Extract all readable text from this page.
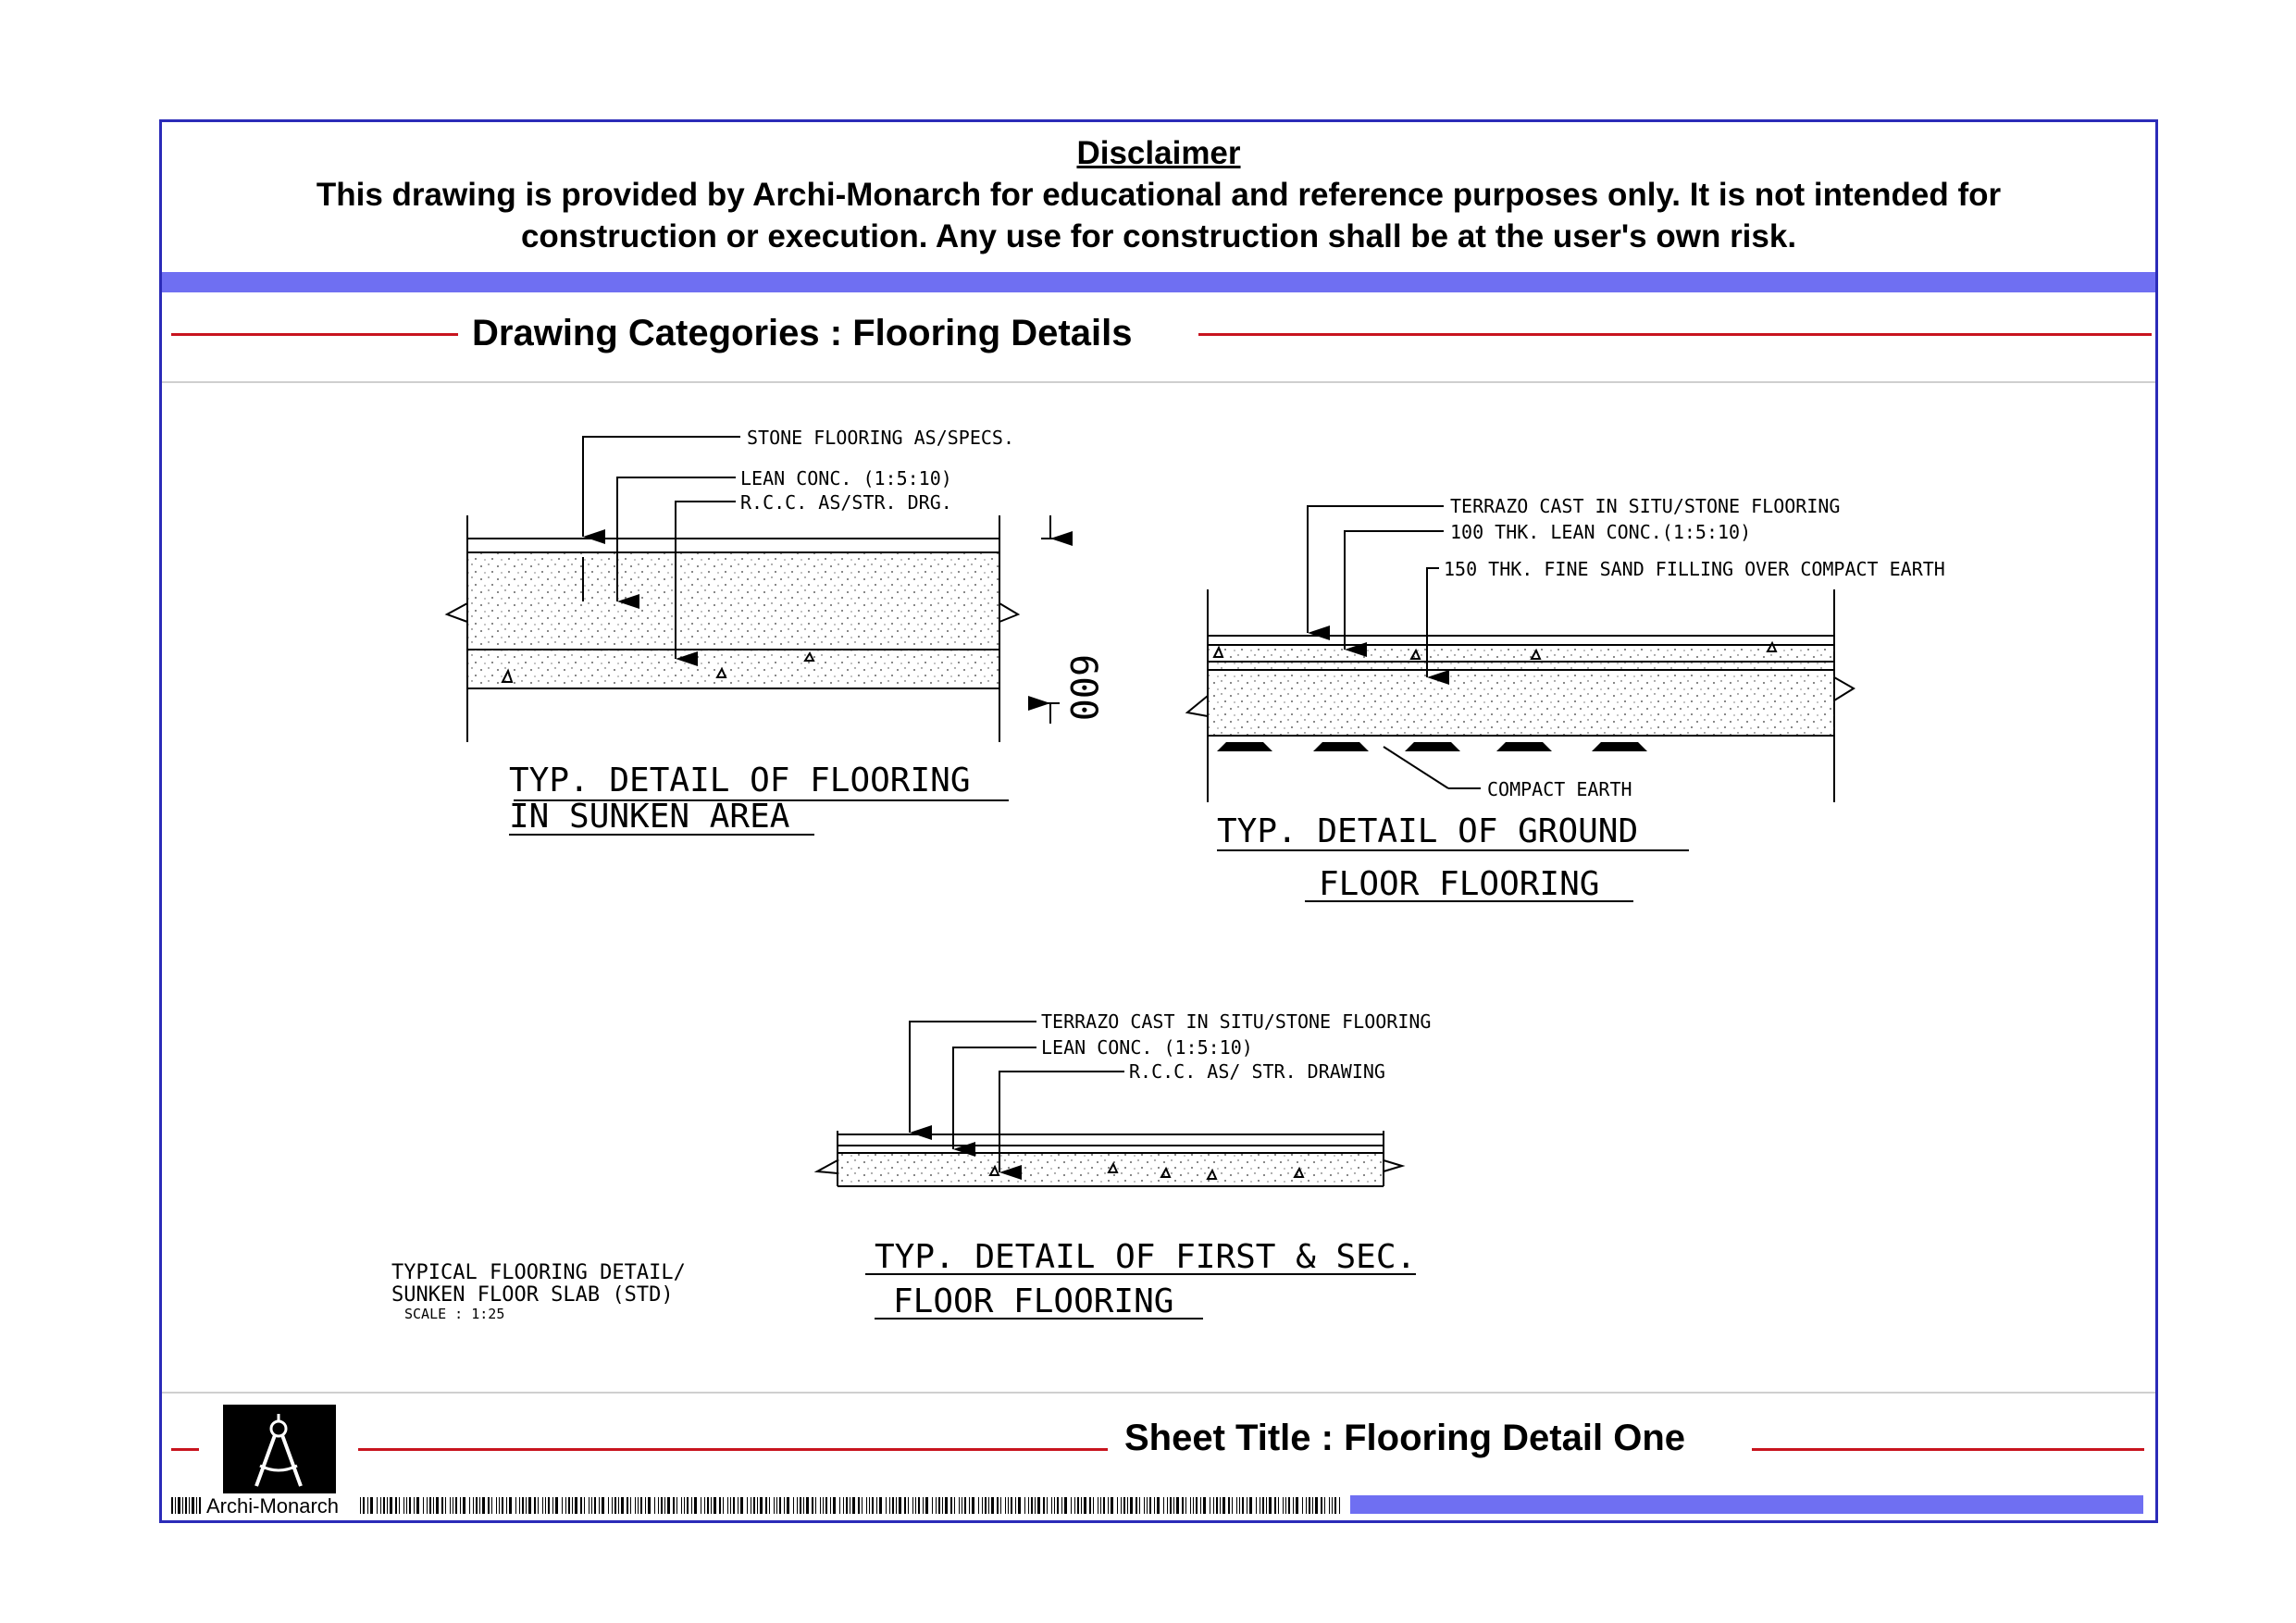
Disclaimer
This drawing is provided by Archi-Monarch for educational and reference purposes only. It is not intended for
construction or execution. Any use for construction shall be at the user's own risk.
Drawing Categories : Flooring Details
STONE FLOORING AS/SPECS.
LEAN CONC. (1:5:10)
R.C.C. AS/STR. DRG.
600
TYP. DETAIL OF FLOORING
IN SUNKEN AREA
TERRAZO CAST IN SITU/STONE FLOORING
100 THK. LEAN CONC.(1:5:10)
150 THK. FINE SAND FILLING OVER COMPACT EARTH
COMPACT EARTH
TYP. DETAIL OF GROUND
FLOOR FLOORING
TERRAZO CAST IN SITU/STONE FLOORING
LEAN CONC. (1:5:10)
R.C.C. AS/ STR. DRAWING
TYP. DETAIL OF FIRST & SEC.
FLOOR FLOORING
TYPICAL FLOORING DETAIL/
SUNKEN FLOOR SLAB (STD)
SCALE : 1:25
Sheet Title : Flooring Detail One
Archi-Monarch
